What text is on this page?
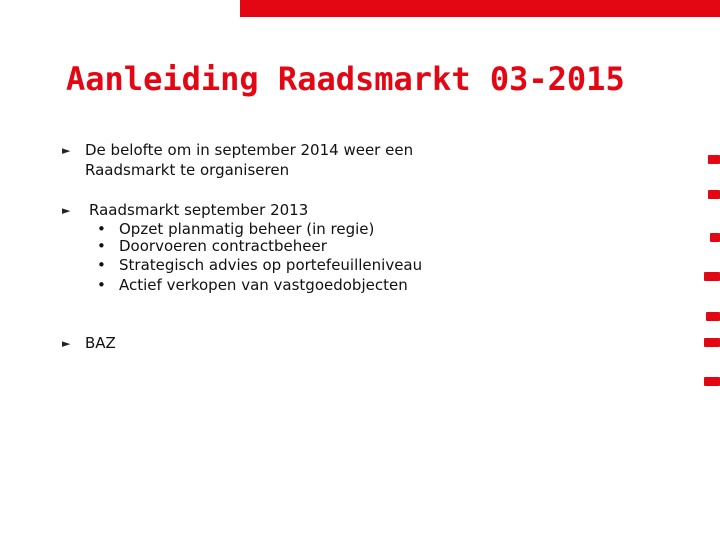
Aanleiding Raadsmarkt 03-2015
► De belofte om in september 2014 weer een
Raadsmarkt te organiseren
► Raadsmarkt september 2013
• Opzet planmatig beheer (in regie)
• Doorvoeren contractbeheer
• Strategisch advies op portefeuilleniveau
• Actief verkopen van vastgoedobjecten
► BAZ
